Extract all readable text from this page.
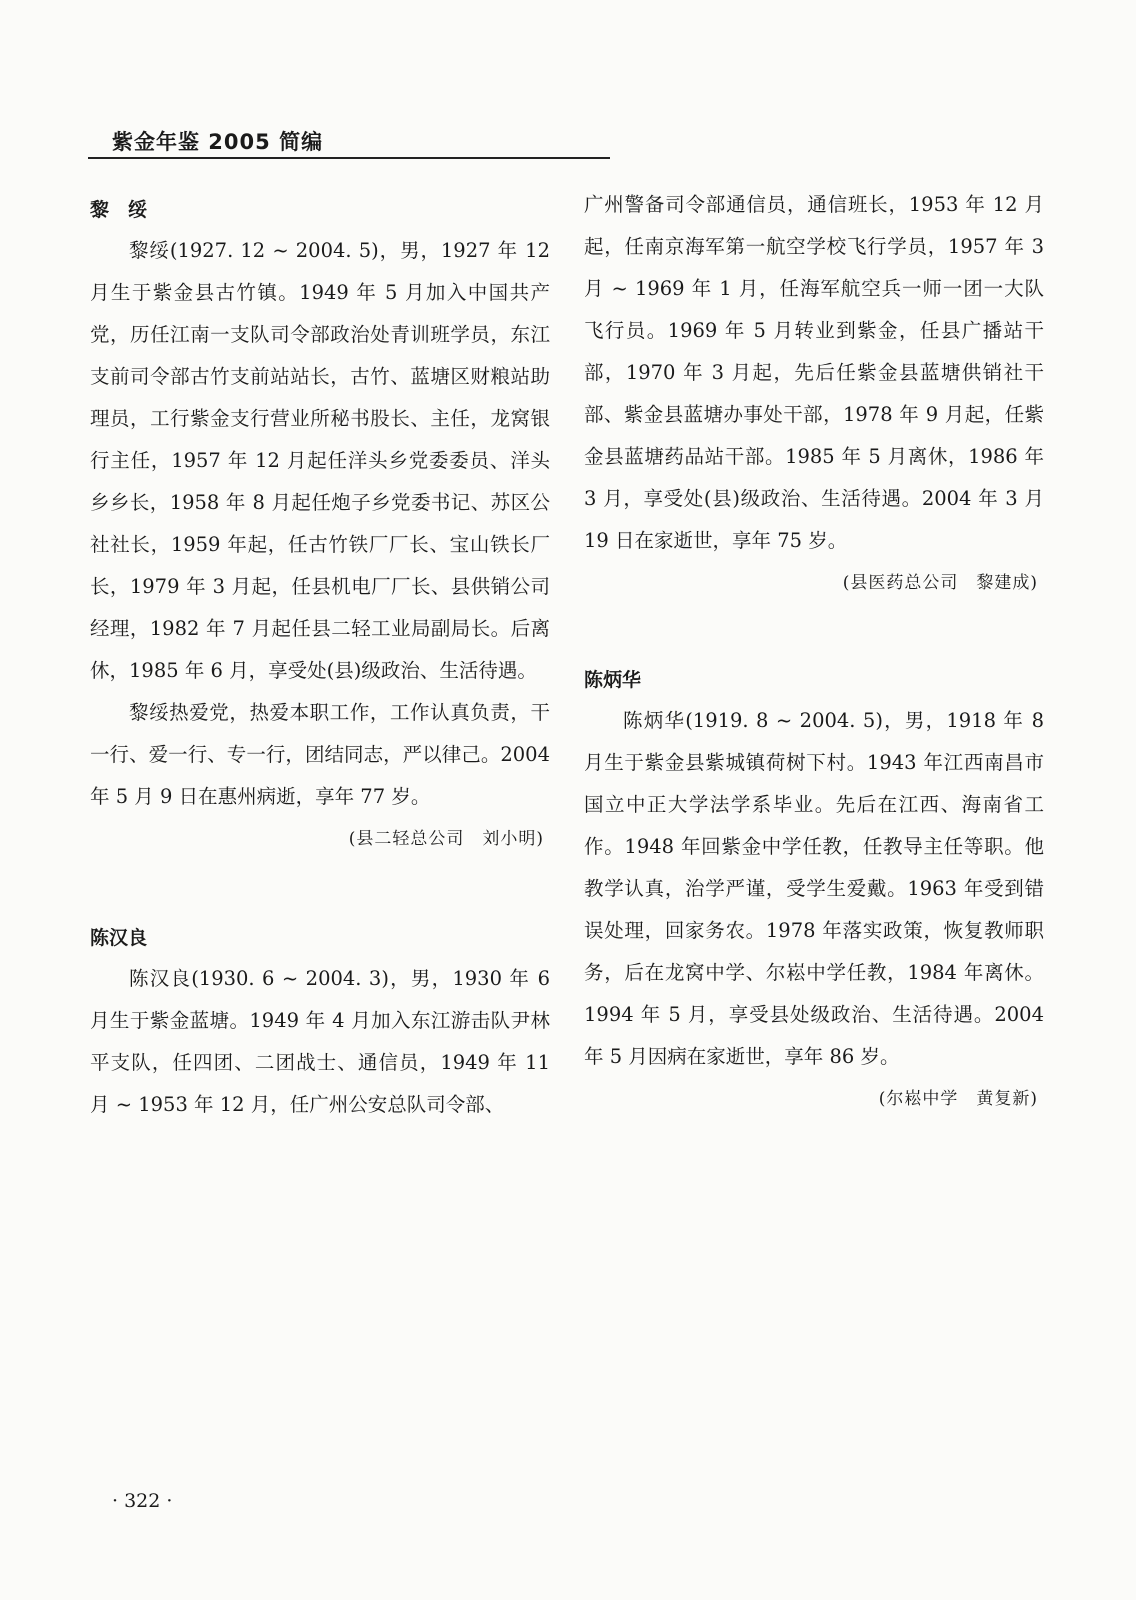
紫金年鉴 2005 简编
黎　绥

黎绥(1927. 12 ~ 2004. 5)，男，1927 年 12 月生于紫金县古竹镇。1949 年 5 月加入中国共产党，历任江南一支队司令部政治处青训班学员，东江支前司令部古竹支前站站长，古竹、蓝塘区财粮站助理员，工行紫金支行营业所秘书股长、主任，龙窝银行主任，1957 年 12 月起任洋头乡党委委员、洋头乡乡长，1958 年 8 月起任炮子乡党委书记、苏区公社社长，1959 年起，任古竹铁厂厂长、宝山铁长厂长，1979 年 3 月起，任县机电厂厂长、县供销公司经理，1982 年 7 月起任县二轻工业局副局长。后离休，1985 年 6 月，享受处(县)级政治、生活待遇。

黎绥热爱党，热爱本职工作，工作认真负责，干一行、爱一行、专一行，团结同志，严以律己。2004 年 5 月 9 日在惠州病逝，享年 77 岁。

(县二轻总公司　刘小明)

陈汉良

陈汉良(1930. 6 ~ 2004. 3)，男，1930 年 6 月生于紫金蓝塘。1949 年 4 月加入东江游击队尹林平支队，任四团、二团战士、通信员，1949 年 11 月 ~ 1953 年 12 月，任广州公安总队司令部、

广州警备司令部通信员，通信班长，1953 年 12 月起，任南京海军第一航空学校飞行学员，1957 年 3 月 ~ 1969 年 1 月，任海军航空兵一师一团一大队飞行员。1969 年 5 月转业到紫金，任县广播站干部，1970 年 3 月起，先后任紫金县蓝塘供销社干部、紫金县蓝塘办事处干部，1978 年 9 月起，任紫金县蓝塘药品站干部。1985 年 5 月离休，1986 年 3 月，享受处(县)级政治、生活待遇。2004 年 3 月 19 日在家逝世，享年 75 岁。

(县医药总公司　黎建成)

陈炳华

陈炳华(1919. 8 ~ 2004. 5)，男，1918 年 8 月生于紫金县紫城镇荷树下村。1943 年江西南昌市国立中正大学法学系毕业。先后在江西、海南省工作。1948 年回紫金中学任教，任教导主任等职。他教学认真，治学严谨，受学生爱戴。1963 年受到错误处理，回家务农。1978 年落实政策，恢复教师职务，后在龙窝中学、尔崧中学任教，1984 年离休。1994 年 5 月，享受县处级政治、生活待遇。2004 年 5 月因病在家逝世，享年 86 岁。

(尔崧中学　黄复新)

· 322 ·
